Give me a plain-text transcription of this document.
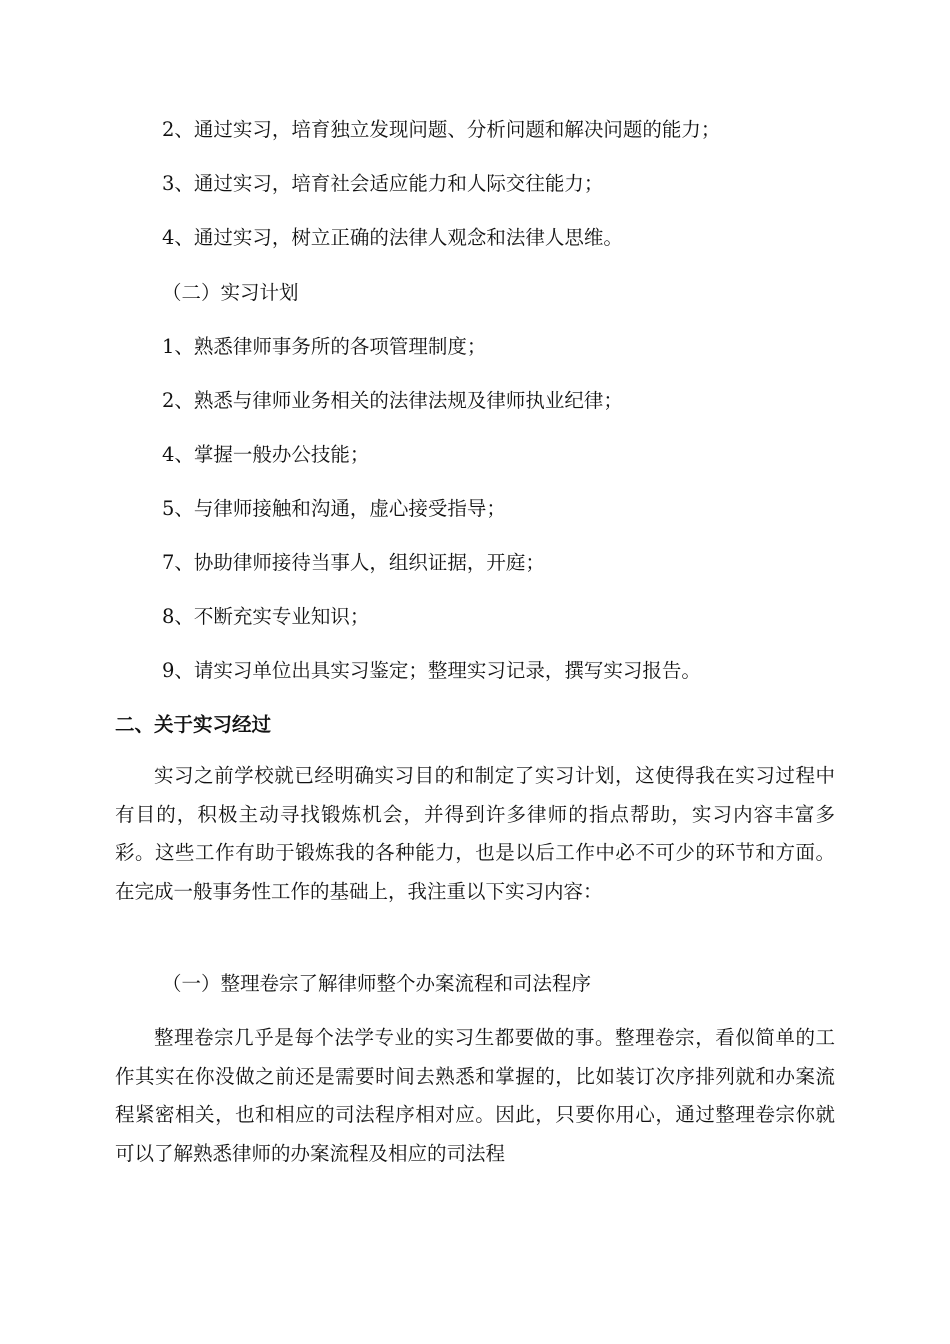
2、通过实习，培育独立发现问题、分析问题和解决问题的能力；
3、通过实习，培育社会适应能力和人际交往能力；
4、通过实习，树立正确的法律人观念和法律人思维。
（二）实习计划
1、熟悉律师事务所的各项管理制度；
2、熟悉与律师业务相关的法律法规及律师执业纪律；
4、掌握一般办公技能；
5、与律师接触和沟通，虚心接受指导；
7、协助律师接待当事人，组织证据，开庭；
8、不断充实专业知识；
9、请实习单位出具实习鉴定；整理实习记录，撰写实习报告。
二、关于实习经过
实习之前学校就已经明确实习目的和制定了实习计划，这使得我在实习过程中有目的，积极主动寻找锻炼机会，并得到许多律师的指点帮助，实习内容丰富多彩。这些工作有助于锻炼我的各种能力，也是以后工作中必不可少的环节和方面。在完成一般事务性工作的基础上，我注重以下实习内容：
（一）整理卷宗了解律师整个办案流程和司法程序
整理卷宗几乎是每个法学专业的实习生都要做的事。整理卷宗，看似简单的工作其实在你没做之前还是需要时间去熟悉和掌握的，比如装订次序排列就和办案流程紧密相关，也和相应的司法程序相对应。因此，只要你用心，通过整理卷宗你就可以了解熟悉律师的办案流程及相应的司法程
